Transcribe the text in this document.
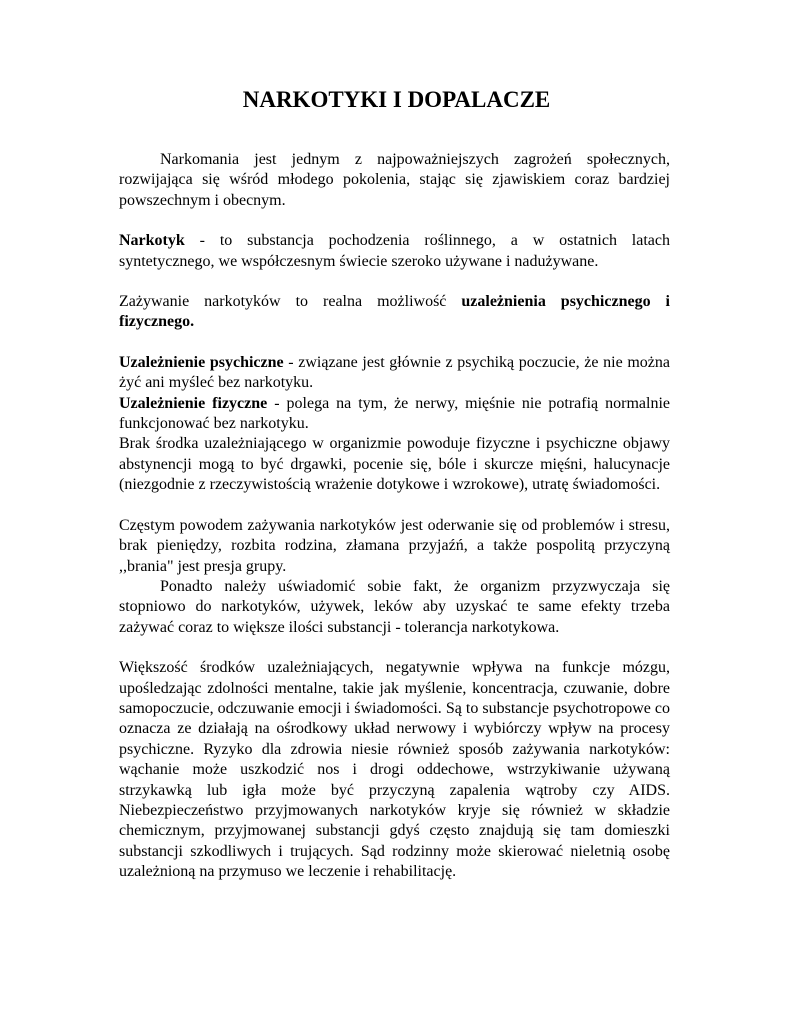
NARKOTYKI I DOPALACZE

Narkomania jest jednym z najpoważniejszych zagrożeń społecznych, rozwijająca się wśród młodego pokolenia, stając się zjawiskiem coraz bardziej powszechnym i obecnym.

Narkotyk - to substancja pochodzenia roślinnego, a w ostatnich latach syntetycznego, we współczesnym świecie szeroko używane i nadużywane.

Zażywanie narkotyków to realna możliwość uzależnienia psychicznego i fizycznego.

Uzależnienie psychiczne - związane jest głównie z psychiką poczucie, że nie można żyć ani myśleć bez narkotyku.

Uzależnienie fizyczne - polega na tym, że nerwy, mięśnie nie potrafią normalnie funkcjonować bez narkotyku.

Brak środka uzależniającego w organizmie powoduje fizyczne i psychiczne objawy abstynencji mogą to być drgawki, pocenie się, bóle i skurcze mięśni, halucynacje (niezgodnie z rzeczywistością wrażenie dotykowe i wzrokowe), utratę świadomości.

Częstym powodem zażywania narkotyków jest oderwanie się od problemów i stresu, brak pieniędzy, rozbita rodzina, złamana przyjaźń, a także pospolitą przyczyną ,,brania" jest presja grupy.

Ponadto należy uświadomić sobie fakt, że organizm przyzwyczaja się stopniowo do narkotyków, używek, leków aby uzyskać te same efekty trzeba zażywać coraz to większe ilości substancji - tolerancja narkotykowa.

Większość środków uzależniających, negatywnie wpływa na funkcje mózgu, upośledzając zdolności mentalne, takie jak myślenie, koncentracja, czuwanie, dobre samopoczucie, odczuwanie emocji i świadomości. Są to substancje psychotropowe co oznacza ze działają na ośrodkowy układ nerwowy i wybiórczy wpływ na procesy psychiczne. Ryzyko dla zdrowia niesie również sposób zażywania narkotyków: wąchanie może uszkodzić nos i drogi oddechowe, wstrzykiwanie używaną strzykawką lub igła może być przyczyną zapalenia wątroby czy AIDS. Niebezpieczeństwo przyjmowanych narkotyków kryje się również w składzie chemicznym, przyjmowanej substancji gdyś często znajdują się tam domieszki substancji szkodliwych i trujących. Sąd rodzinny może skierować nieletnią osobę uzależnioną na przymuso we leczenie i rehabilitację.
